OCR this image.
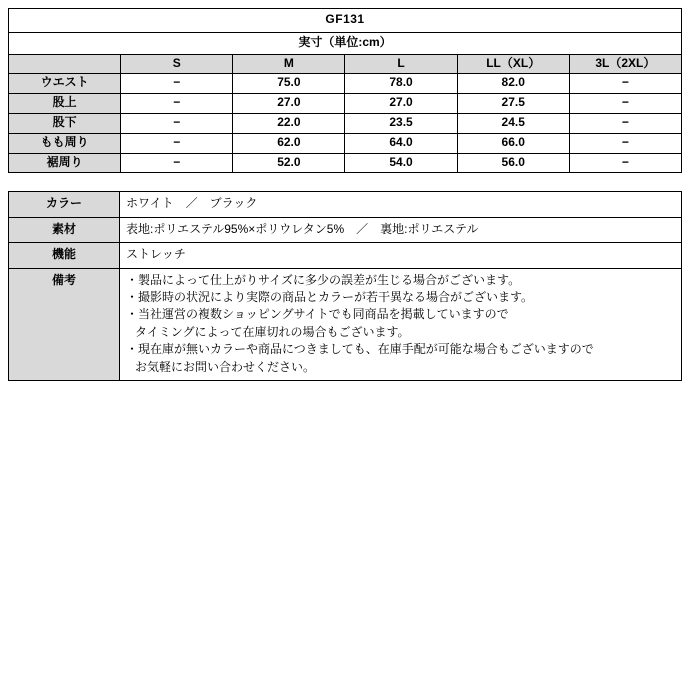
GF131					
実寸（単位:cm）					
	S	M	L	LL（XL）	3L（2XL）
ウエスト	−	75.0	78.0	82.0	−
股上	−	27.0	27.0	27.5	−
股下	−	22.0	23.5	24.5	−
もも周り	−	62.0	64.0	66.0	−
裾周り	−	52.0	54.0	56.0	−
カラー	ホワイト　／　ブラック
素材	表地:ポリエステル95%×ポリウレタン5%　／　裏地:ポリエステル
機能	ストレッチ
備考	・製品によって仕上がりサイズに多少の誤差が生じる場合がございます。
・撮影時の状況により実際の商品とカラーが若干異なる場合がございます。
・当社運営の複数ショッピングサイトでも同商品を掲載していますので
タイミングによって在庫切れの場合もございます。
・現在庫が無いカラーや商品につきましても、在庫手配が可能な場合もございますので
お気軽にお問い合わせください。
